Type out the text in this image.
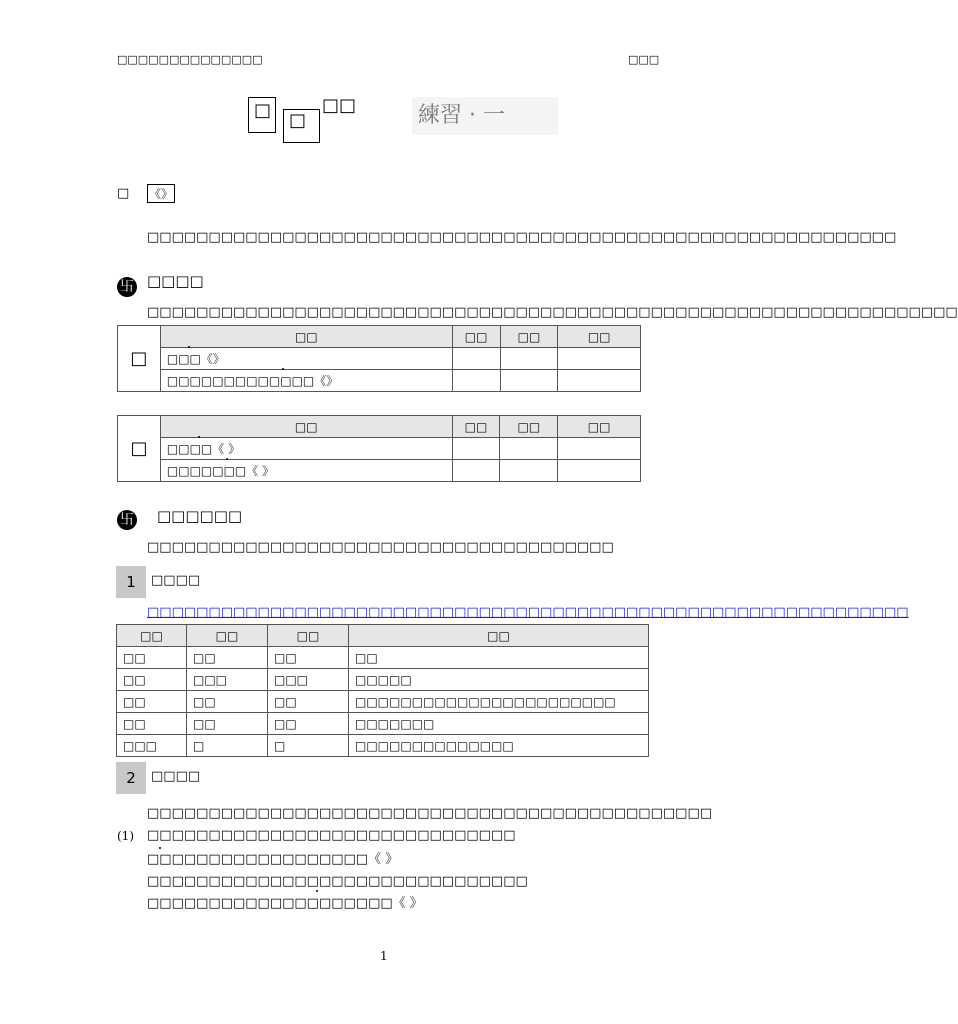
□□□□□□□□□□□□□□	□□□
□ □
□□	練習 · 一
□ 《》
□□□□□□□□□□□□□□□□□□□□□□□□□□□□□□□□□□□□□□□□□□□□□□□□□□□□□□□□□□□□□
卐 □□□□
□□□□□□□□□□□□□□□□□□□□□□□□□□□□□□□□□□□□□□□□□□□□□□□□□□□□□□□□□□□□□□□□□□
□	□□	□□	□□	□□
	□□□《》			
	□□□□□□□□□□□□□《》			
□	□□	□□	□□	□□
	□□□□《 》			
	□□□□□□□《 》			
卐 □□□□□□
□□□□□□□□□□□□□□□□□□□□□□□□□□□□□□□□□□□□□□
1	□□□□
□□□□□□□□□□□□□□□□□□□□□□□□□□□□□□□□□□□□□□□□□□□□□□□□□□□□□□□□□□□□□□
□□	□□	□□	□□
□□	□□	□□	□□
□□	□□□	□□□	□□□□□
□□	□□	□□	□□□□□□□□□□□□□□□□□□□□□□□
□□	□□	□□	□□□□□□□
□□□	□	□	□□□□□□□□□□□□□□
2	□□□□
□□□□□□□□□□□□□□□□□□□□□□□□□□□□□□□□□□□□□□□□□□□□□□
(1) □□□□□□□□□□□□□□□□□□□□□□□□□□□□□□
□□□□□□□□□□□□□□□□□□《 》
□□□□□□□□□□□□□□□□□□□□□□□□□□□□□□□
□□□□□□□□□□□□□□□□□□□□《 》
1
